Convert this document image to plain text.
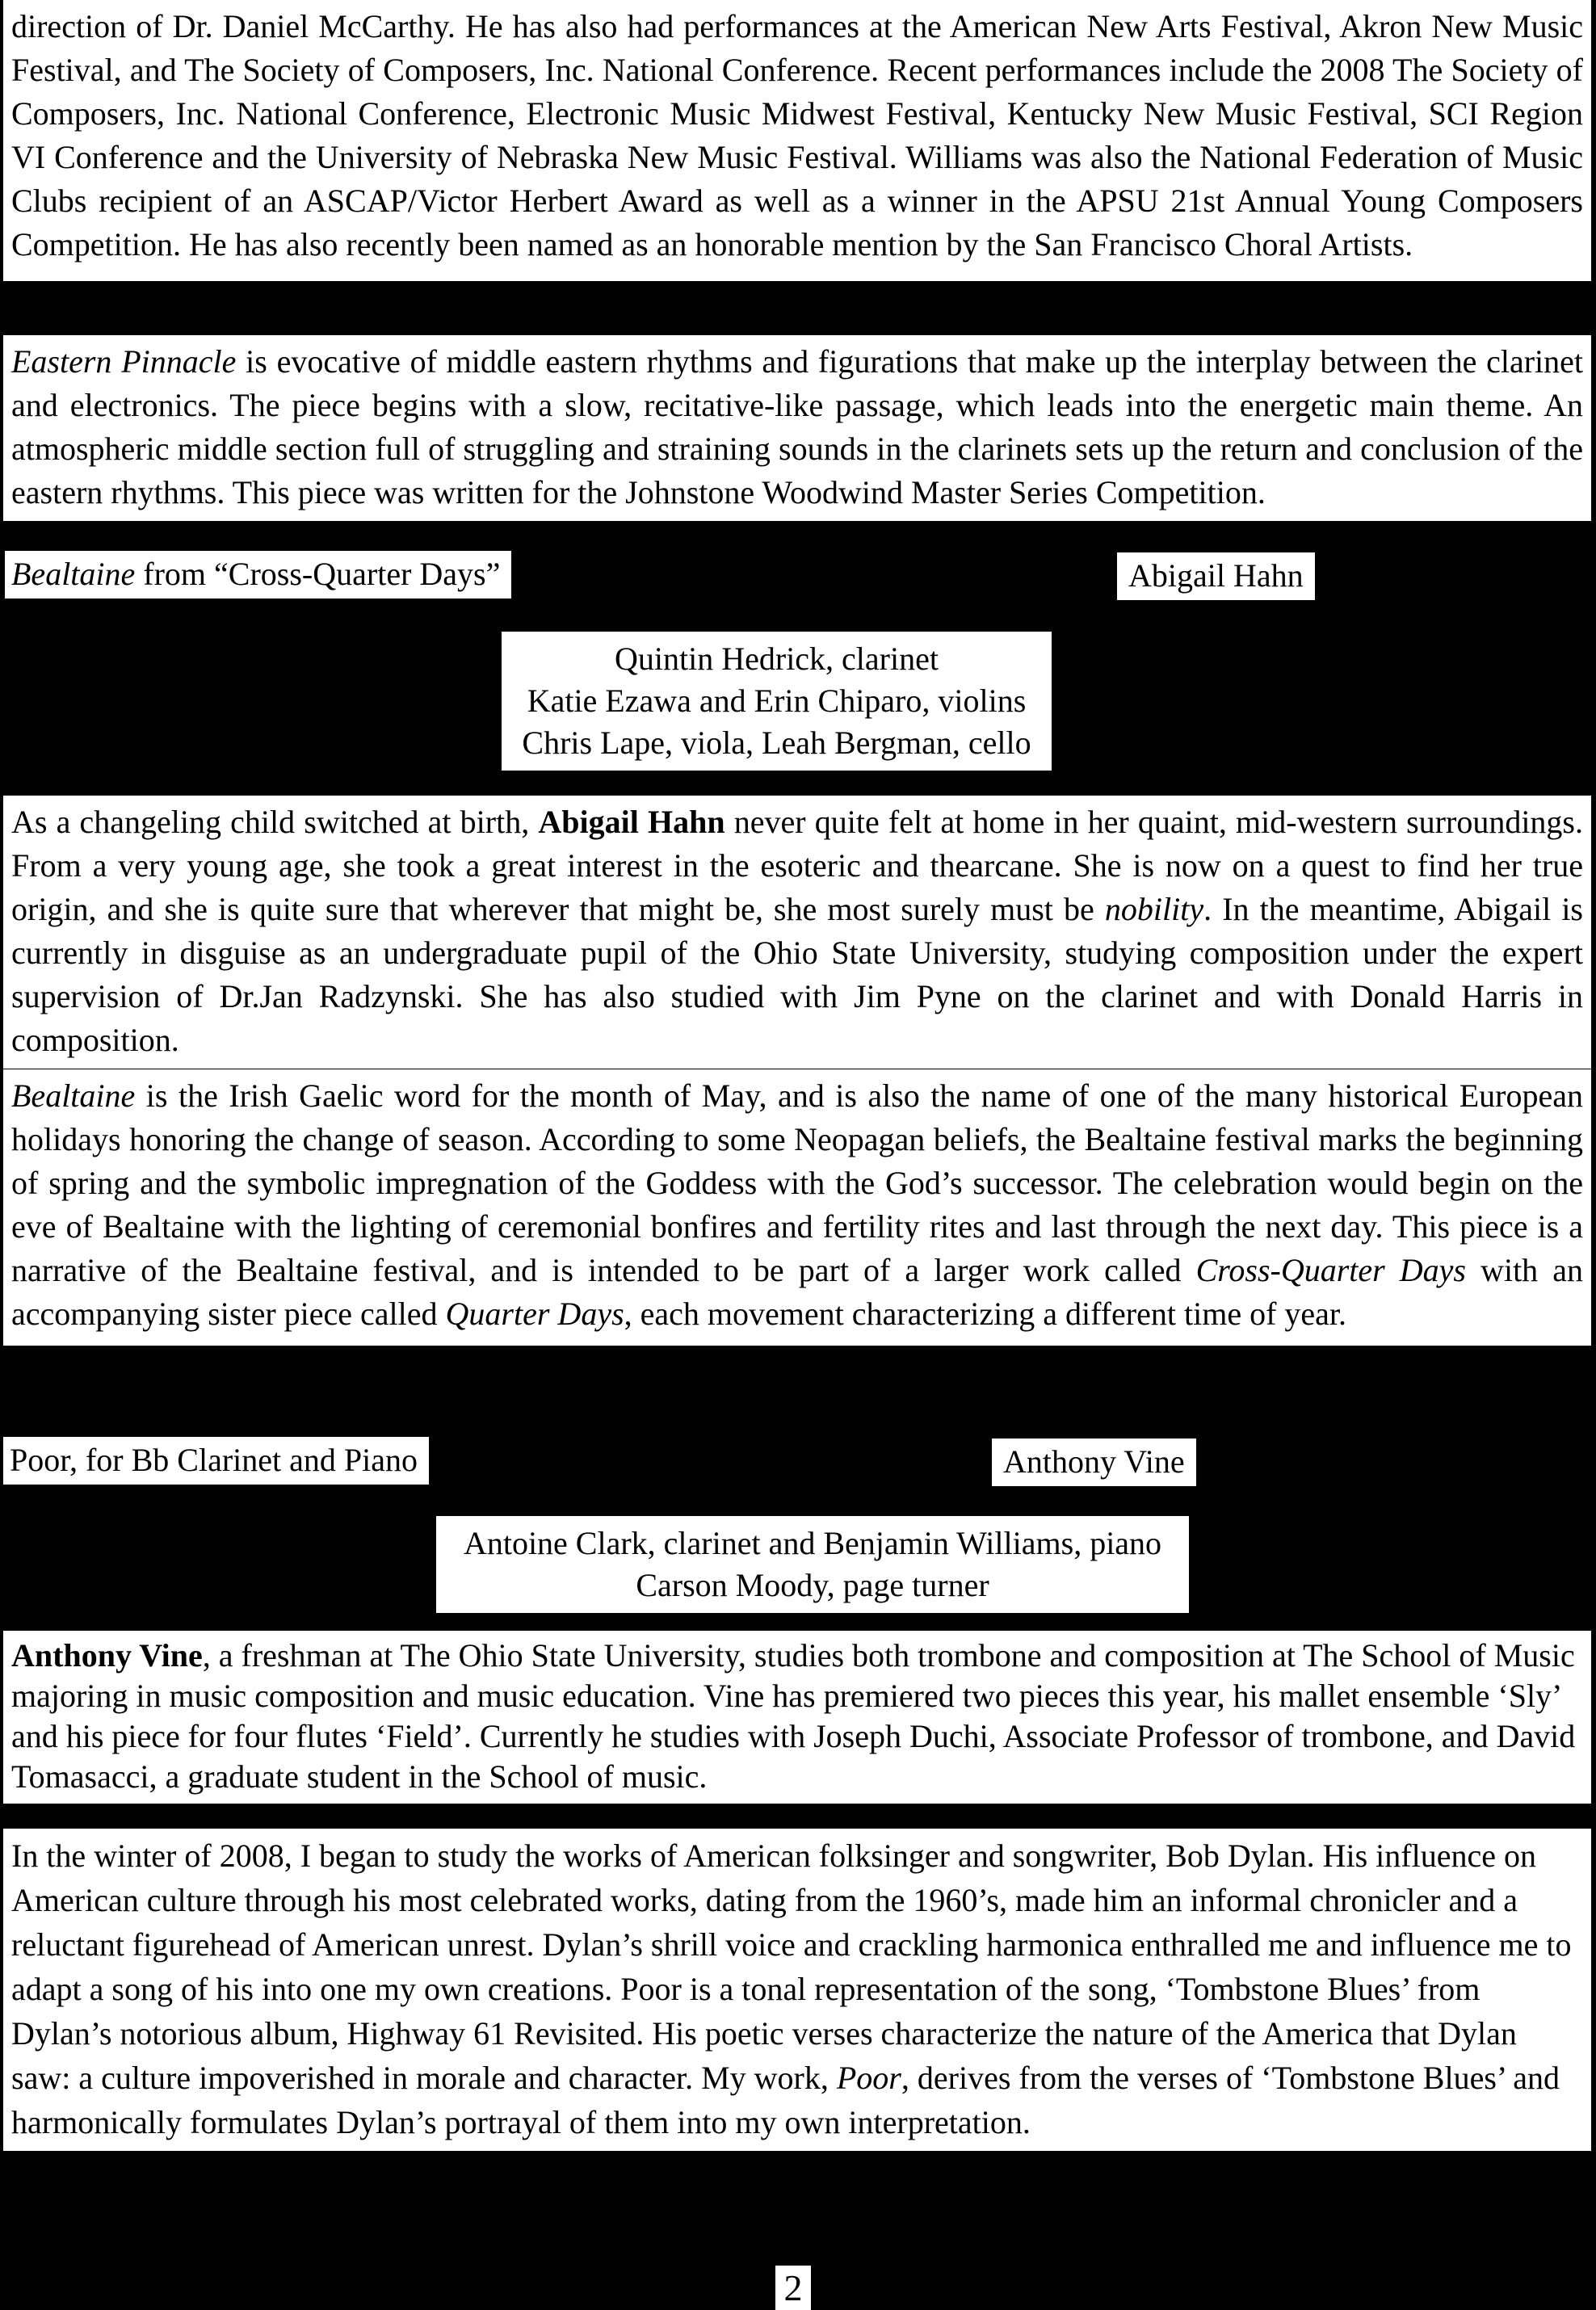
direction of Dr. Daniel McCarthy. He has also had performances at the American New Arts Festival, Akron New Music Festival, and The Society of Composers, Inc. National Conference. Recent performances include the 2008 The Society of Composers, Inc. National Conference, Electronic Music Midwest Festival, Kentucky New Music Festival, SCI Region VI Conference and the University of Nebraska New Music Festival. Williams was also the National Federation of Music Clubs recipient of an ASCAP/Victor Herbert Award as well as a winner in the APSU 21st Annual Young Composers Competition. He has also recently been named as an honorable mention by the San Francisco Choral Artists.
Eastern Pinnacle is evocative of middle eastern rhythms and figurations that make up the interplay between the clarinet and electronics. The piece begins with a slow, recitative-like passage, which leads into the energetic main theme. An atmospheric middle section full of struggling and straining sounds in the clarinets sets up the return and conclusion of the eastern rhythms. This piece was written for the Johnstone Woodwind Master Series Competition.
Bealtaine from “Cross-Quarter Days”	Abigail Hahn
Quintin Hedrick, clarinet
Katie Ezawa and Erin Chiparo, violins
Chris Lape, viola, Leah Bergman, cello
As a changeling child switched at birth, Abigail Hahn never quite felt at home in her quaint, mid-western surroundings. From a very young age, she took a great interest in the esoteric and thearcane. She is now on a quest to find her true origin, and she is quite sure that wherever that might be, she most surely must be nobility. In the meantime, Abigail is currently in disguise as an undergraduate pupil of the Ohio State University, studying composition under the expert supervision of Dr.Jan Radzynski. She has also studied with Jim Pyne on the clarinet and with Donald Harris in composition.
Bealtaine is the Irish Gaelic word for the month of May, and is also the name of one of the many historical European holidays honoring the change of season. According to some Neopagan beliefs, the Bealtaine festival marks the beginning of spring and the symbolic impregnation of the Goddess with the God’s successor. The celebration would begin on the eve of Bealtaine with the lighting of ceremonial bonfires and fertility rites and last through the next day. This piece is a narrative of the Bealtaine festival, and is intended to be part of a larger work called Cross-Quarter Days with an accompanying sister piece called Quarter Days, each movement characterizing a different time of year.
Poor, for Bb Clarinet and Piano	Anthony Vine
Antoine Clark, clarinet and Benjamin Williams, piano
Carson Moody, page turner
Anthony Vine, a freshman at The Ohio State University, studies both trombone and composition at The School of Music majoring in music composition and music education. Vine has premiered two pieces this year, his mallet ensemble ‘Sly’ and his piece for four flutes ‘Field’. Currently he studies with Joseph Duchi, Associate Professor of trombone, and David Tomasacci, a graduate student in the School of music.
In the winter of 2008, I began to study the works of American folksinger and songwriter, Bob Dylan. His influence on American culture through his most celebrated works, dating from the 1960’s, made him an informal chronicler and a reluctant figurehead of American unrest. Dylan’s shrill voice and crackling harmonica enthralled me and influence me to adapt a song of his into one my own creations. Poor is a tonal representation of the song, ‘Tombstone Blues’ from Dylan’s notorious album, Highway 61 Revisited. His poetic verses characterize the nature of the America that Dylan saw: a culture impoverished in morale and character. My work, Poor, derives from the verses of ‘Tombstone Blues’ and harmonically formulates Dylan’s portrayal of them into my own interpretation.
2
